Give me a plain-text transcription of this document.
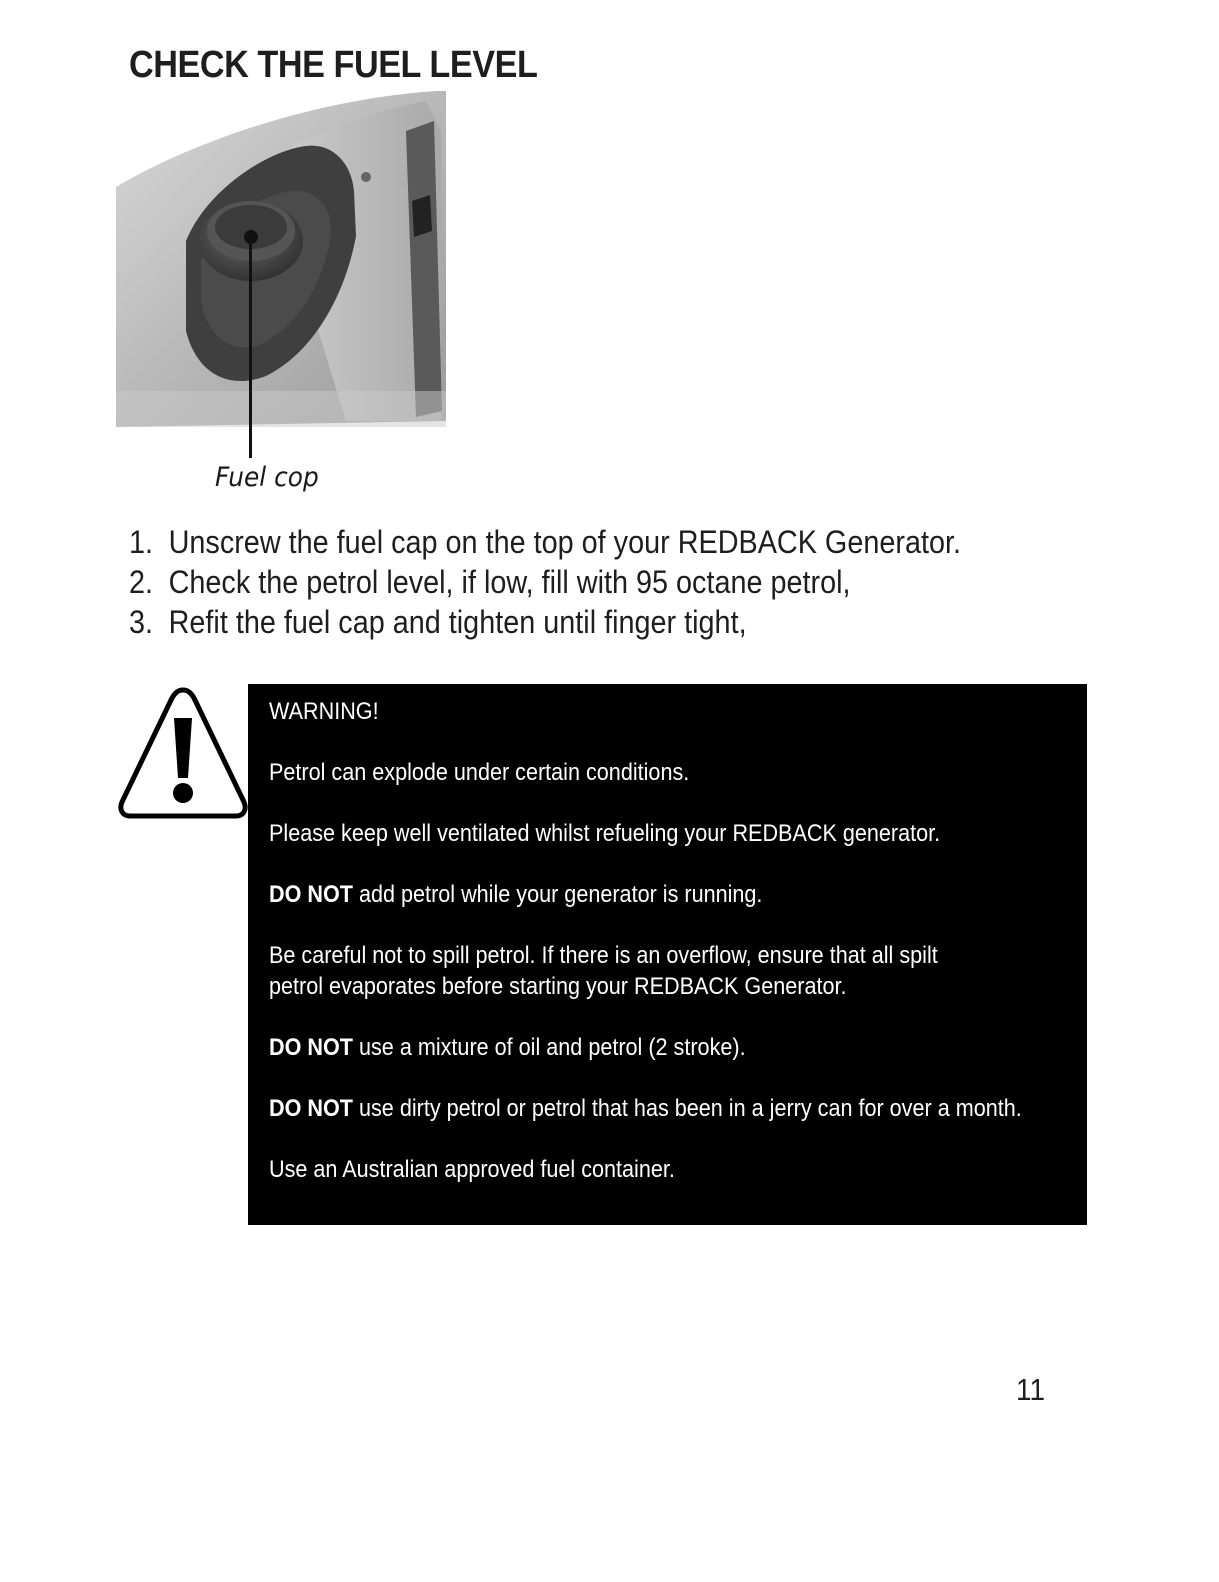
CHECK THE FUEL LEVEL
Fuel cop
1. Unscrew the fuel cap on the top of your REDBACK Generator.
2. Check the petrol level, if low, fill with 95 octane petrol,
3. Refit the fuel cap and tighten until finger tight,

WARNING!

Petrol can explode under certain conditions.

Please keep well ventilated whilst refueling your REDBACK generator.

DO NOT add petrol while your generator is running.

Be careful not to spill petrol. If there is an overflow, ensure that all spilt petrol evaporates before starting your REDBACK Generator.

DO NOT use a mixture of oil and petrol (2 stroke).

DO NOT use dirty petrol or petrol that has been in a jerry can for over a month.

Use an Australian approved fuel container.

11
